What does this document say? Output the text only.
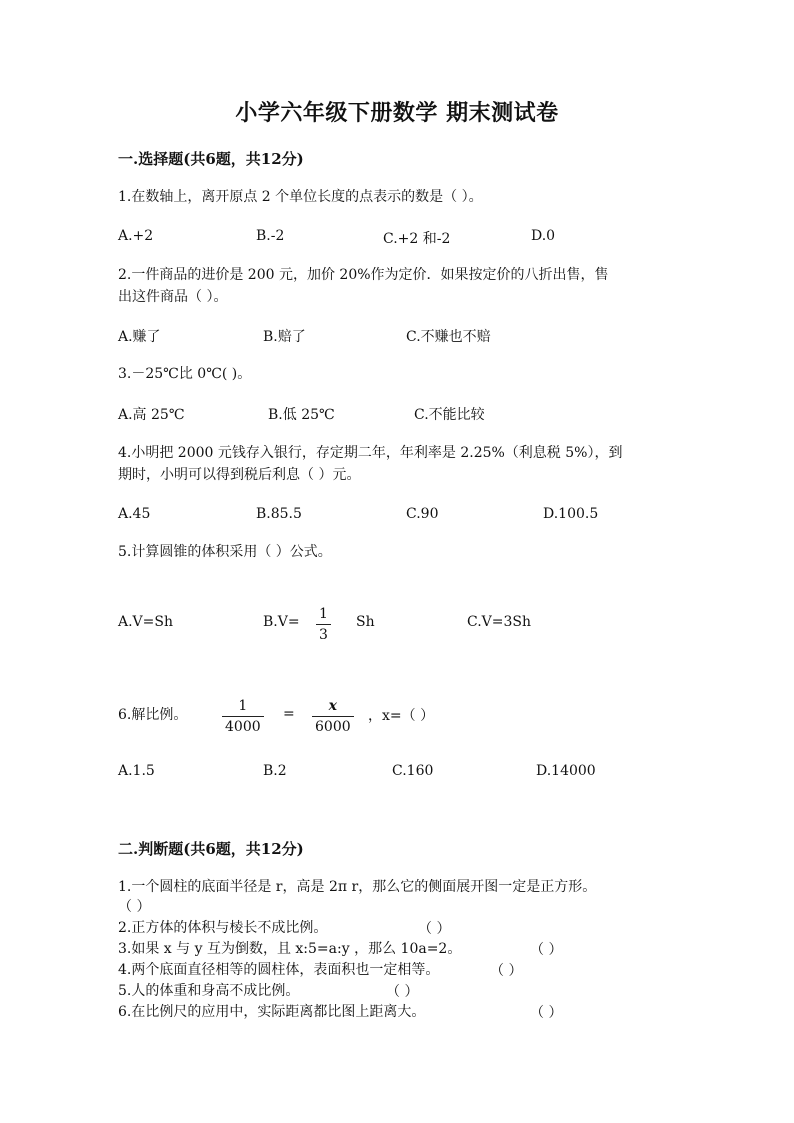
小学六年级下册数学 期末测试卷
一.选择题(共6题，共12分)
1.在数轴上，离开原点 2 个单位长度的点表示的数是（ ）。
A.+2	B.-2	C.+2 和-2	D.0
2.一件商品的进价是 200 元，加价 20%作为定价．如果按定价的八折出售，售
出这件商品（ ）。
A.赚了	B.赔了	C.不赚也不赔
3.－25℃比 0℃( )。
A.高 25℃	B.低 25℃	C.不能比较
4.小明把 2000 元钱存入银行，存定期二年，年利率是 2.25%（利息税 5%），到
期时，小明可以得到税后利息（ ）元。
A.45	B.85.5	C.90	D.100.5
5.计算圆锥的体积采用（ ）公式。
A.V=Sh	B.V= 1
3
Sh	C.V=3Sh
6.解比例。
1
4000
= x
6000
，x=（ ）
A.1.5	B.2	C.160	D.14000
二.判断题(共6题，共12分)
1.一个圆柱的底面半径是 r，高是 2π r，那么它的侧面展开图一定是正方形。
（ ）
2.正方体的体积与棱长不成比例。	（ ）
3.如果 x 与 y 互为倒数，且 x:5=a:y ，那么 10a=2。	（ ）
4.两个底面直径相等的圆柱体，表面积也一定相等。	（ ）
5.人的体重和身高不成比例。	（ ）
6.在比例尺的应用中，实际距离都比图上距离大。	（ ）
